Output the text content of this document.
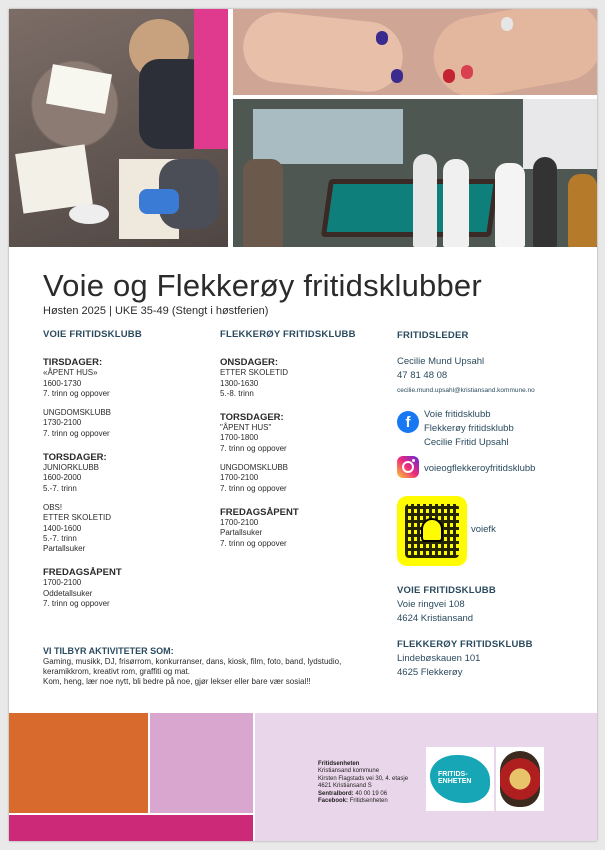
Voie og Flekkerøy fritidsklubber
Høsten 2025 | UKE 35-49 (Stengt i høstferien)
VOIE FRITIDSKLUBB
TIRSDAGER:
«ÅPENT HUS»
1600-1730
7. trinn og oppover
UNGDOMSKLUBB
1730-2100
7. trinn og oppover
TORSDAGER:
JUNIORKLUBB
1600-2000
5.-7. trinn
OBS!
ETTER SKOLETID
1400-1600
5.-7. trinn
Partallsuker
FREDAGSÅPENT
1700-2100
Oddetallsuker
7. trinn og oppover
FLEKKERØY FRITIDSKLUBB
ONSDAGER:
ETTER SKOLETID
1300-1630
5.-8. trinn
TORSDAGER:
"ÅPENT HUS"
1700-1800
7. trinn og oppover
UNGDOMSKLUBB
1700-2100
7. trinn og oppover
FREDAGSÅPENT
1700-2100
Partallsuker
7. trinn og oppover
FRITIDSLEDER
Cecilie Mund Upsahl
47 81 48 08
cecilie.mund.upsahl@kristiansand.kommune.no
f	Voie fritidsklubb
Flekkerøy fritidsklubb
Cecilie Fritid Upsahl
voieogflekkeroyfritidsklubb
voiefk
VOIE FRITIDSKLUBB
Voie ringvei 108
4624 Kristiansand
FLEKKERØY FRITIDSKLUBB
Lindebøskauen 101
4625 Flekkerøy
VI TILBYR AKTIVITETER SOM:
Gaming, musikk, DJ, frisørrom, konkurranser, dans, kiosk, film, foto, band, lydstudio,
keramikkrom, kreativt rom, graffiti og mat.
Kom, heng, lær noe nytt, bli bedre på noe, gjør lekser eller bare vær sosial!!
Fritidsenheten
Kristiansand kommune
Kirsten Flagstads vei 30, 4. etasje
4621 Kristiansand S
Sentralbord: 40 00 19 06
Facebook: Fritidsenheten
FRITIDS-ENHETEN
